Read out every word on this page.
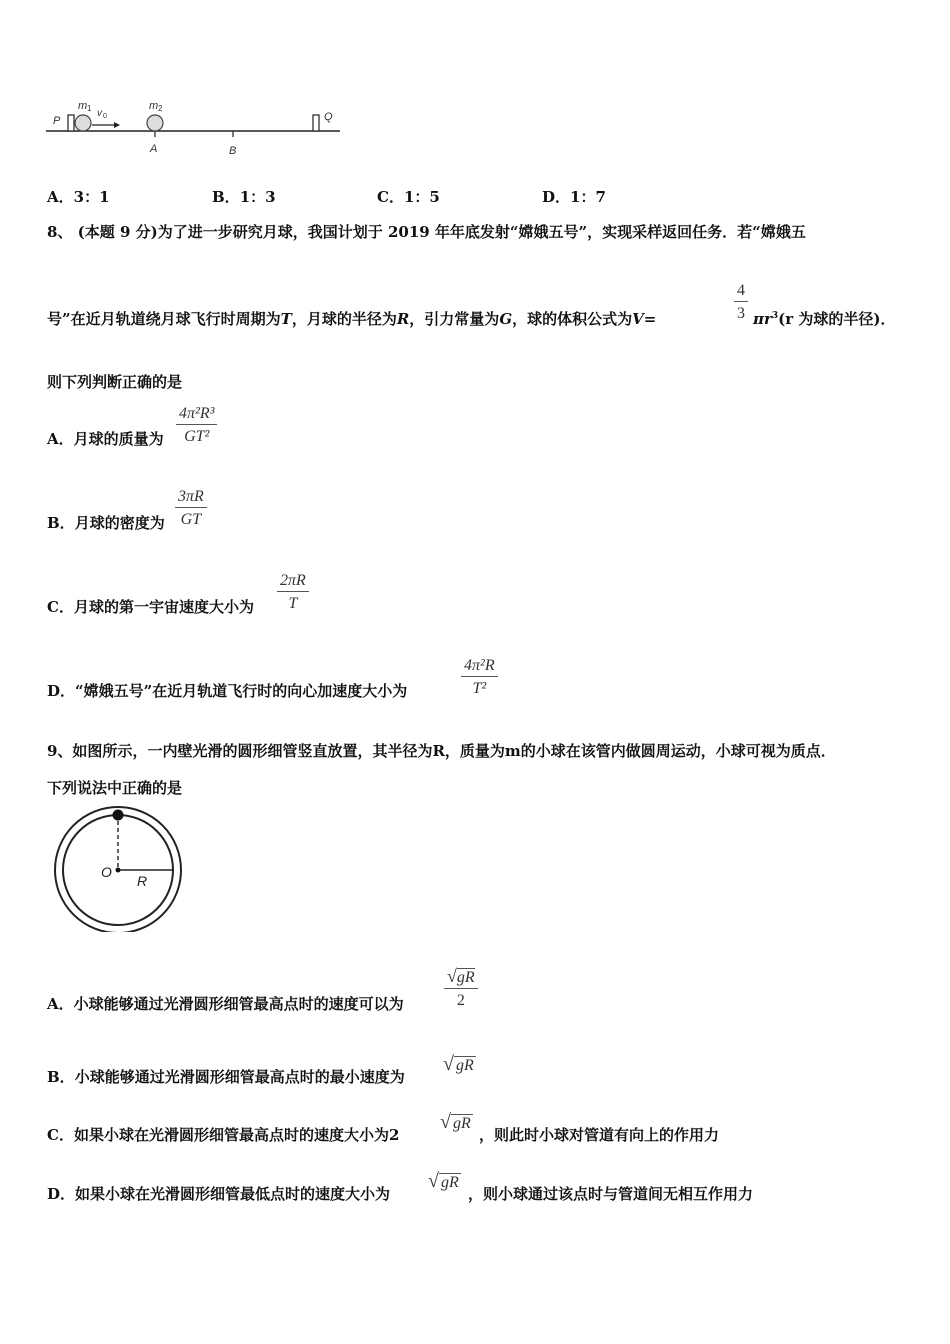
P	Q
A	B
m 1 v 0
m 2
A．3：1	B．1：3	C．1：5	D．1：7
8、 (本题 9 分)为了进一步研究月球，我国计划于 2019 年年底发射“嫦娥五号”，实现采样返回任务．若“嫦娥五
号”在近月轨道绕月球飞行时周期为T，月球的半径为R，引力常量为G，球的体积公式为V=	$\frac{4}{3} \pi r^3(r$ 为球的半径)．
则下列判断正确的是
A．月球的质量为 $\frac{\text{4π²R³}}{\text{GT²}}$
B．月球的密度为 $\frac{3\pi R}{GT}$
C．月球的第一宇宙速度大小为 $\frac{2\pi R}{T}$
D．“嫦娥五号”在近月轨道飞行时的向心加速度大小为	$\frac{\text{4π²R}}{\text{T²}}$
9、如图所示，一内壁光滑的圆形细管竖直放置，其半径为R，质量为m的小球在该管内做圆周运动，小球可视为质点．
下列说法中正确的是
O
R
A．小球能够通过光滑圆形细管最高点时的速度可以为 $\frac{√gR}{2}$
B．小球能够通过光滑圆形细管最高点时的最小速度为
√ gR
C．如果小球在光滑圆形细管最高点时的速度大小为2
√ gR
，则此时小球对管道有向上的作用力
D．如果小球在光滑圆形细管最低点时的速度大小为
√ gR
，则小球通过该点时与管道间无相互作用力
